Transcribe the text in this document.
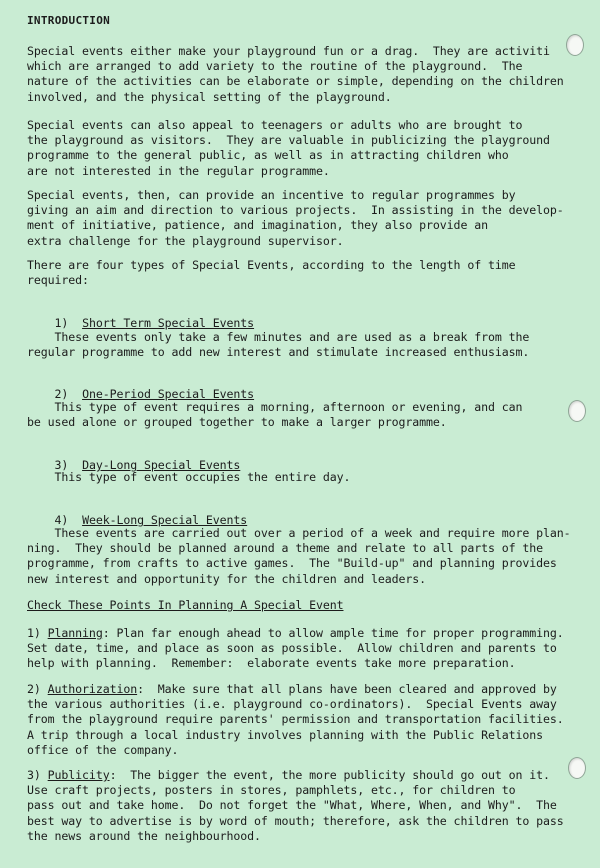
INTRODUCTION
Special events either make your playground fun or a drag.  They are activiti
which are arranged to add variety to the routine of the playground.  The
nature of the activities can be elaborate or simple, depending on the children
involved, and the physical setting of the playground.
Special events can also appeal to teenagers or adults who are brought to
the playground as visitors.  They are valuable in publicizing the playground
programme to the general public, as well as in attracting children who
are not interested in the regular programme.
Special events, then, can provide an incentive to regular programmes by
giving an aim and direction to various projects.  In assisting in the develop-
ment of initiative, patience, and imagination, they also provide an
extra challenge for the playground supervisor.
There are four types of Special Events, according to the length of time
required:

1) Short Term Special Events

These events only take a few minutes and are used as a break from the
regular programme to add new interest and stimulate increased enthusiasm.

2) One-Period Special Events

This type of event requires a morning, afternoon or evening, and can
be used alone or grouped together to make a larger programme.

3) Day-Long Special Events

This type of event occupies the entire day.

4) Week-Long Special Events

These events are carried out over a period of a week and require more plan-
ning.  They should be planned around a theme and relate to all parts of the
programme, from crafts to active games.  The "Build-up" and planning provides
new interest and opportunity for the children and leaders.
Check These Points In Planning A Special Event
1) Planning: Plan far enough ahead to allow ample time for proper programming.
Set date, time, and place as soon as possible.  Allow children and parents to
help with planning.  Remember:  elaborate events take more preparation.
2) Authorization:  Make sure that all plans have been cleared and approved by
the various authorities (i.e. playground co-ordinators).  Special Events away
from the playground require parents' permission and transportation facilities.
A trip through a local industry involves planning with the Public Relations
office of the company.
3) Publicity:  The bigger the event, the more publicity should go out on it.
Use craft projects, posters in stores, pamphlets, etc., for children to
pass out and take home.  Do not forget the "What, Where, When, and Why".  The
best way to advertise is by word of mouth; therefore, ask the children to pass
the news around the neighbourhood.
